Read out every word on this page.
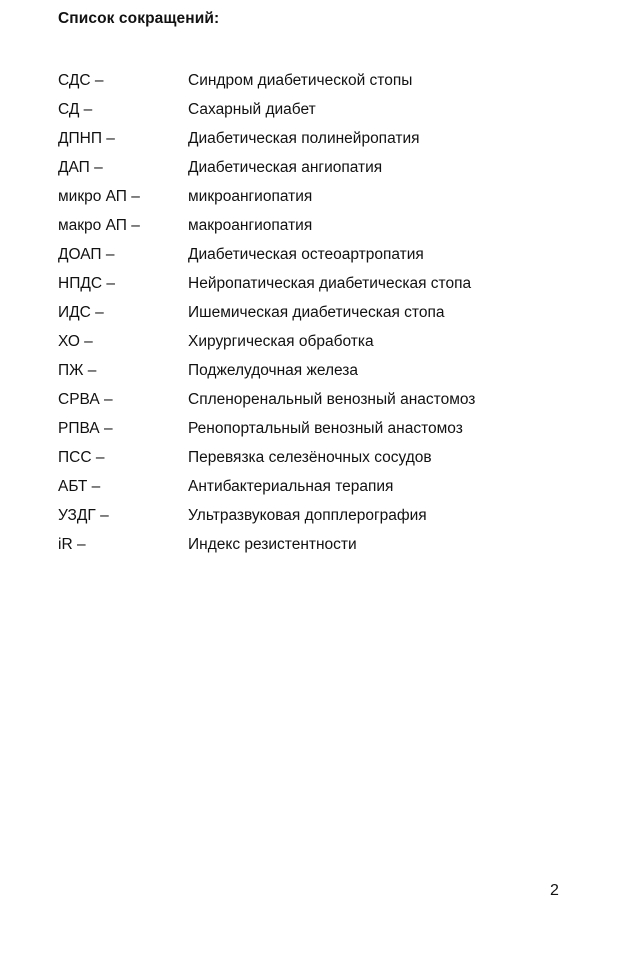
Список сокращений:
СДС –	Синдром диабетической стопы
СД –	Сахарный диабет
ДПНП –	Диабетическая полинейропатия
ДАП –	Диабетическая ангиопатия
микро АП –	микроангиопатия
макро АП –	макроангиопатия
ДОАП –	Диабетическая остеоартропатия
НПДС –	Нейропатическая диабетическая стопа
ИДС –	Ишемическая диабетическая стопа
ХО –	Хирургическая обработка
ПЖ –	Поджелудочная железа
СРВА –	Спленоренальный венозный анастомоз
РПВА –	Ренопортальный венозный анастомоз
ПСС –	Перевязка селезёночных сосудов
АБТ –	Антибактериальная терапия
УЗДГ –	Ультразвуковая допплерография
iR –	Индекс резистентности
2
